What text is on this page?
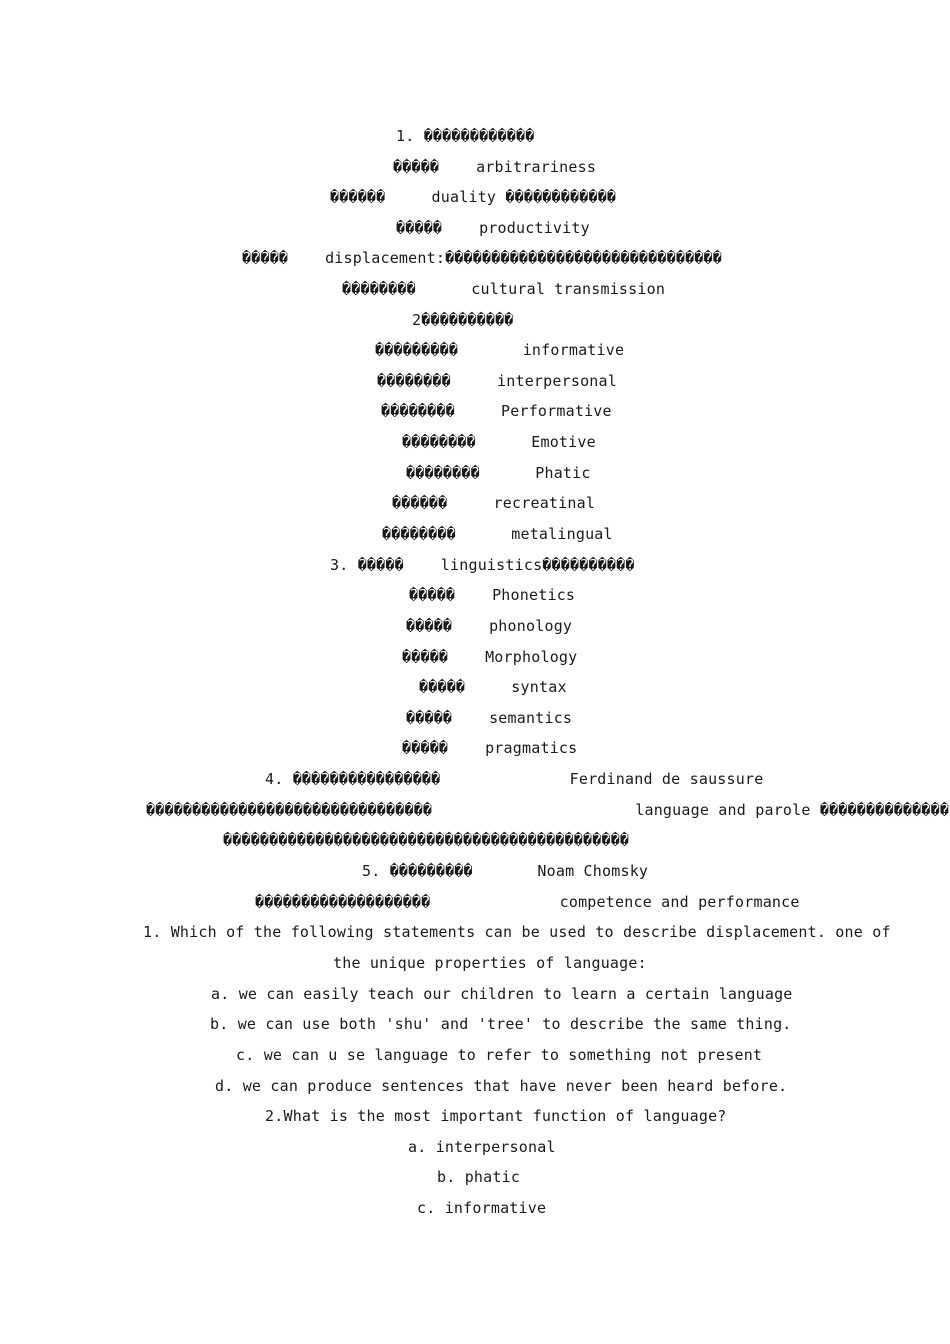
1. ������������
�����    arbitrariness
������     duality ������������
�����    productivity
�����    displacement:������������������������������
��������      cultural transmission
2����������
���������       informative
��������     interpersonal
��������     Performative
��������      Emotive
��������      Phatic
������     recreatinal
��������      metalingual
3. �����    linguistics����������
�����    Phonetics
�����    phonology
�����    Morphology
�����     syntax
�����    semantics
�����    pragmatics
4. ����������������              Ferdinand de saussure
�������������������������������                      language and parole ��������������
��������������������������������������������
5. ���������       Noam Chomsky
�������������������              competence and performance
1. Which of the following statements can be used to describe displacement. one of
the unique properties of language:
a. we can easily teach our children to learn a certain language
b. we can use both 'shu' and 'tree' to describe the same thing.
c. we can u se language to refer to something not present
d. we can produce sentences that have never been heard before.
2.What is the most important function of language?
a. interpersonal
b. phatic
c. informative
